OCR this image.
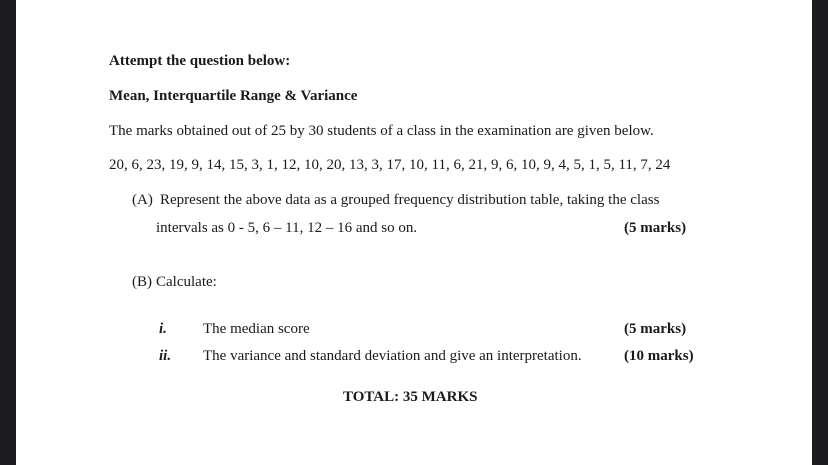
Attempt the question below:
Mean, Interquartile Range & Variance
The marks obtained out of 25 by 30 students of a class in the examination are given below.
20, 6, 23, 19, 9, 14, 15, 3, 1, 12, 10, 20, 13, 3, 17, 10, 11, 6, 21, 9, 6, 10, 9, 4, 5, 1, 5, 11, 7, 24
(A) Represent the above data as a grouped frequency distribution table, taking the class
intervals as 0 - 5, 6 – 11, 12 – 16 and so on.	(5 marks)
(B) Calculate:
i. The median score	(5 marks)
ii. The variance and standard deviation and give an interpretation.	(10 marks)
TOTAL: 35 MARKS
